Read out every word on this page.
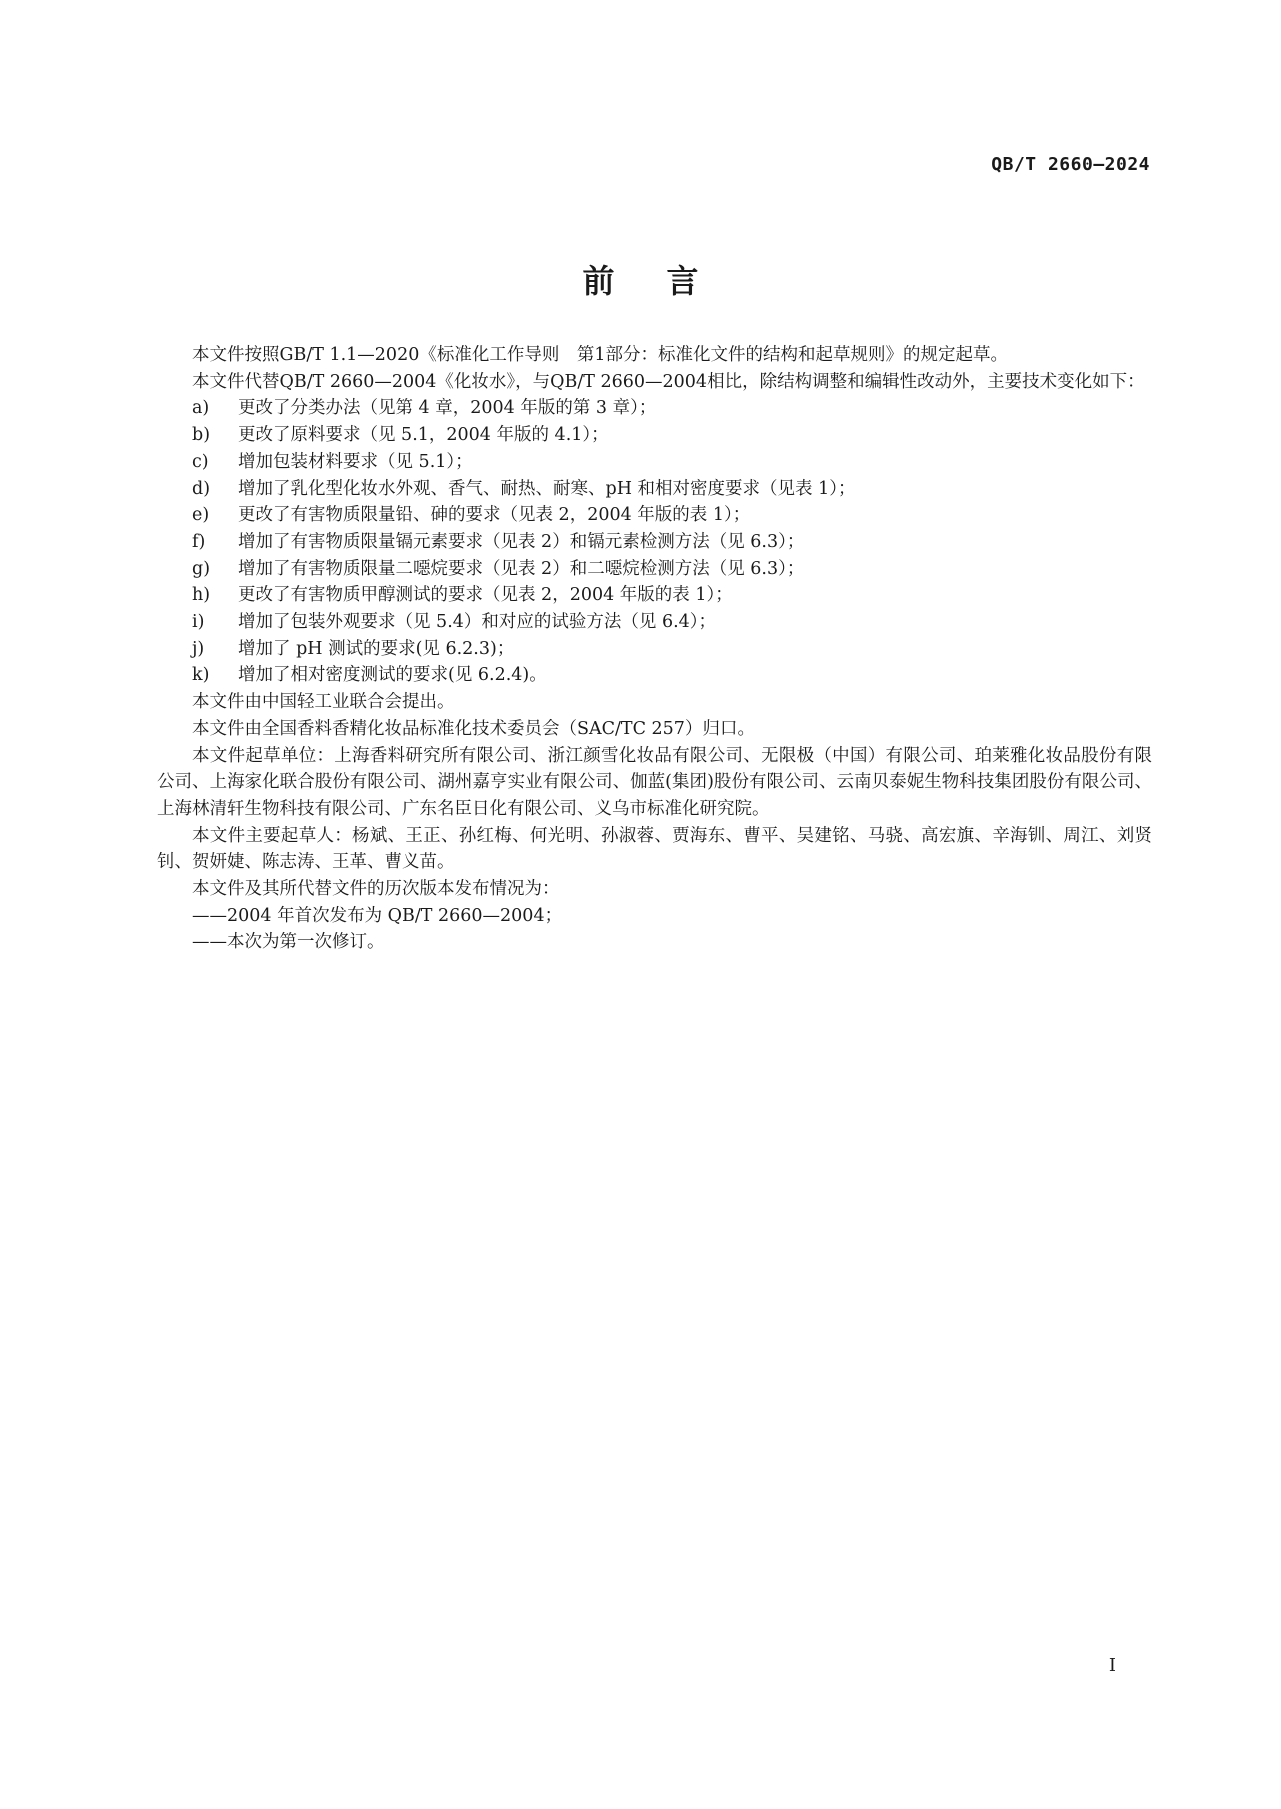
QB/T 2660—2024
前言

本文件按照GB/T 1.1—2020《标准化工作导则　第1部分：标准化文件的结构和起草规则》的规定起草。

本文件代替QB/T 2660—2004《化妆水》，与QB/T 2660—2004相比，除结构调整和编辑性改动外，主要技术变化如下：

a) 更改了分类办法（见第 4 章，2004 年版的第 3 章）；

b) 更改了原料要求（见 5.1，2004 年版的 4.1）；

c) 增加包装材料要求（见 5.1）；

d) 增加了乳化型化妆水外观、香气、耐热、耐寒、pH 和相对密度要求（见表 1）；

e) 更改了有害物质限量铅、砷的要求（见表 2，2004 年版的表 1）；

f) 增加了有害物质限量镉元素要求（见表 2）和镉元素检测方法（见 6.3）；

g) 增加了有害物质限量二噁烷要求（见表 2）和二噁烷检测方法（见 6.3）；

h) 更改了有害物质甲醇测试的要求（见表 2，2004 年版的表 1）；

i) 增加了包装外观要求（见 5.4）和对应的试验方法（见 6.4）；

j) 增加了 pH 测试的要求(见 6.2.3)；

k) 增加了相对密度测试的要求(见 6.2.4)。

本文件由中国轻工业联合会提出。

本文件由全国香料香精化妆品标准化技术委员会（SAC/TC 257）归口。

本文件起草单位：上海香料研究所有限公司、浙江颜雪化妆品有限公司、无限极（中国）有限公司、珀莱雅化妆品股份有限公司、上海家化联合股份有限公司、湖州嘉亨实业有限公司、伽蓝(集团)股份有限公司、云南贝泰妮生物科技集团股份有限公司、上海林清轩生物科技有限公司、广东名臣日化有限公司、义乌市标准化研究院。

本文件主要起草人：杨斌、王正、孙红梅、何光明、孙淑蓉、贾海东、曹平、吴建铭、马骁、高宏旗、辛海钏、周江、刘贤钊、贺妍婕、陈志涛、王革、曹义苗。

本文件及其所代替文件的历次版本发布情况为：

——2004 年首次发布为 QB/T 2660—2004；

——本次为第一次修订。

I
